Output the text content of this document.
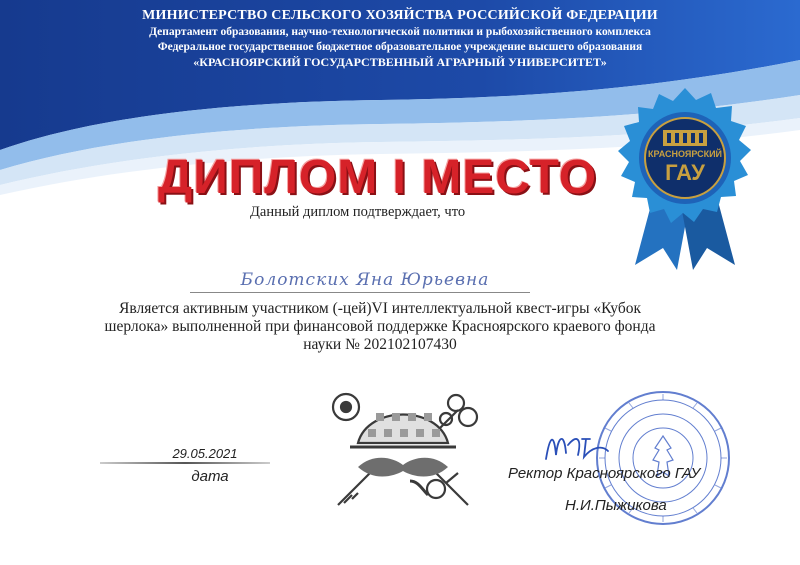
МИНИСТЕРСТВО СЕЛЬСКОГО ХОЗЯЙСТВА РОССИЙСКОЙ ФЕДЕРАЦИИ
Департамент образования, научно-технологической политики и рыбохозяйственного комплекса
Федеральное государственное бюджетное образовательное учреждение высшего образования
«КРАСНОЯРСКИЙ ГОСУДАРСТВЕННЫЙ АГРАРНЫЙ УНИВЕРСИТЕТ»
КРАСНОЯРСКИЙ
ГАУ
ДИПЛОМ I МЕСТО
Данный диплом подтверждает, что
Болотских Яна Юрьевна
Является активным участником (-цей)VI интеллектуальной квест-игры «Кубок шерлока» выполненной при финансовой поддержке Красноярского краевого фонда науки № 202102107430
29.05.2021
дата	Ректор Красноярского ГАУ
Н.И.Пыжикова
